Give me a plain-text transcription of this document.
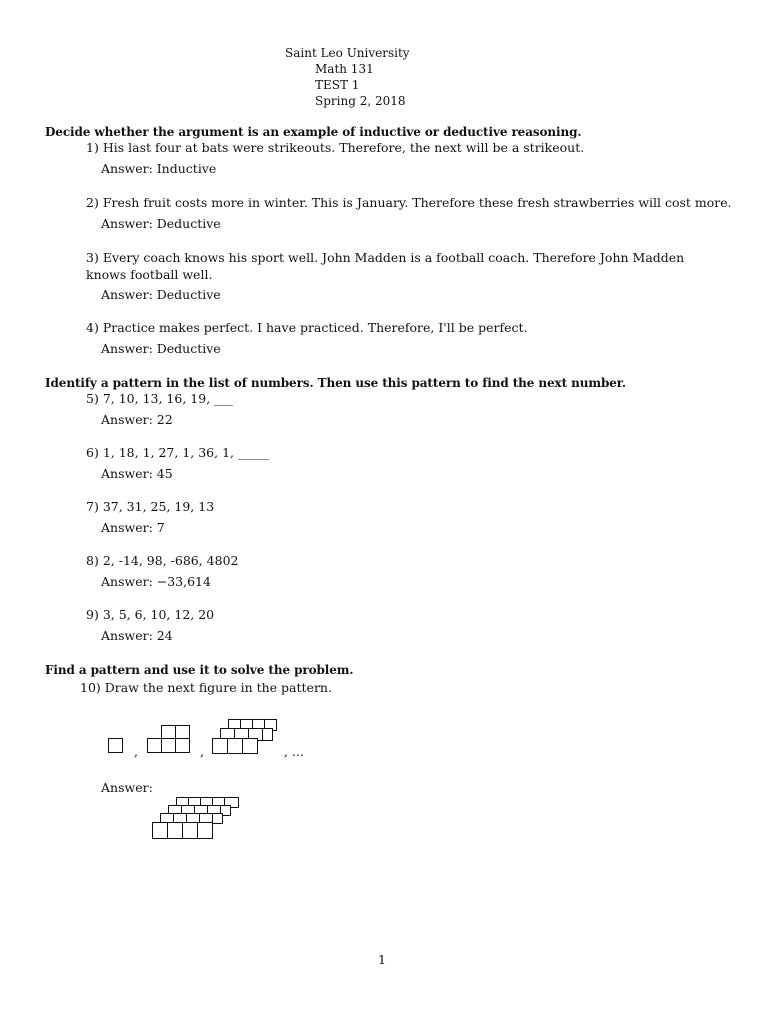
Saint Leo University
Math 131
TEST 1
Spring 2, 2018
Decide whether the argument is an example of inductive or deductive reasoning.
1) His last four at bats were strikeouts. Therefore, the next will be a strikeout.
Answer: Inductive
2) Fresh fruit costs more in winter. This is January. Therefore these fresh strawberries will cost more.
Answer: Deductive
3) Every coach knows his sport well. John Madden is a football coach. Therefore John Madden knows football well.
Answer: Deductive
4) Practice makes perfect. I have practiced. Therefore, I'll be perfect.
Answer: Deductive
Identify a pattern in the list of numbers. Then use this pattern to find the next number.
5) 7, 10, 13, 16, 19, ___
Answer: 22
6) 1, 18, 1, 27, 1, 36, 1, _____
Answer: 45
7) 37, 31, 25, 19, 13
Answer: 7
8) 2, -14, 98, -686, 4802
Answer: −33,614
9) 3, 5, 6, 10, 12, 20
Answer: 24
Find a pattern and use it to solve the problem.
10) Draw the next figure in the pattern.
,	,	, ...
Answer:
1
